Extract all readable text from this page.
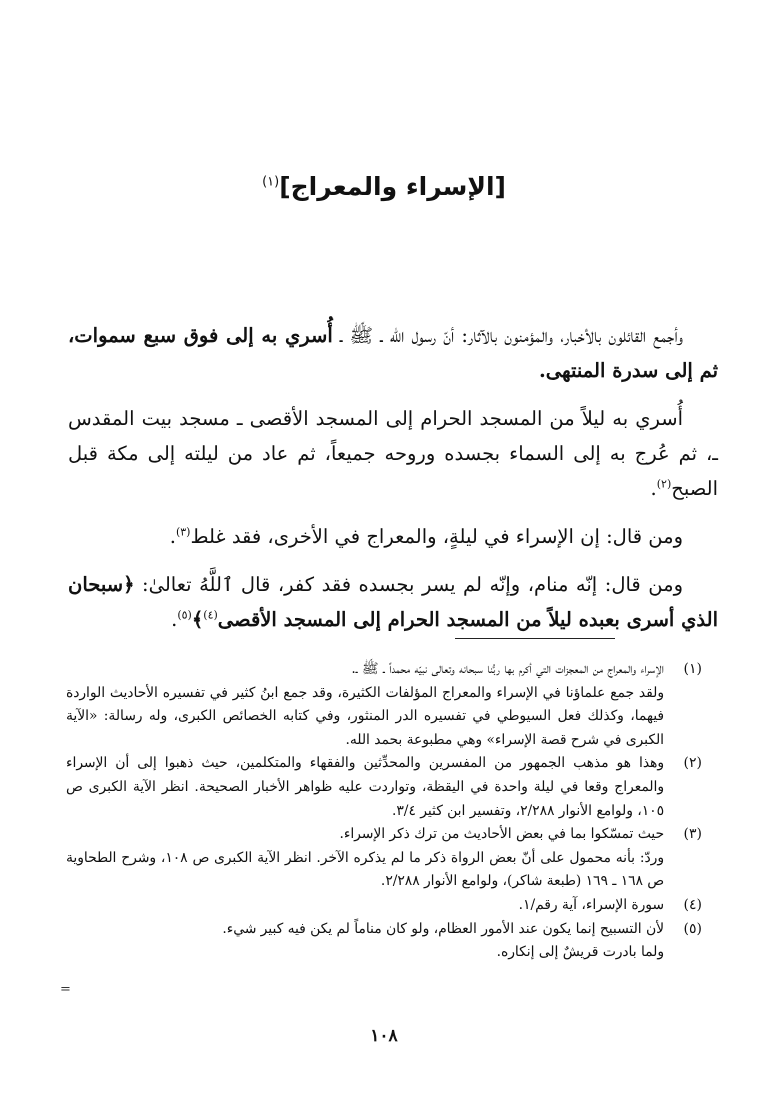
[الإسراء والمعراج]$^{(١)}$

وأجمع القائلون بالأخبار، والمؤمنون بالآثار: أنّ رسول الله ـ ﷺ ـ أُسري به إلى فوق سبع سموات، ثم إلى سدرة المنتهى.

أُسري به ليلاً من المسجد الحرام إلى المسجد الأقصى ـ مسجد بيت المقدس ـ، ثم عُرج به إلى السماء بجسده وروحه جميعاً، ثم عاد من ليلته إلى مكة قبل الصبح$^{(٢)}$.

ومن قال: إن الإسراء في ليلةٍ، والمعراج في الأخرى، فقد غلط$^{(٣)}$.

ومن قال: إنّه منام، وإنّه لم يسر بجسده فقد كفر، قال ٱللَّهُ تعالىٰ: ﴿سبحان الذي أسرى بعبده ليلاً من المسجد الحرام إلى المسجد الأقصى$^{(٤)}$﴾$^{(٥)}$.

(١)
الإسراء والمعراج من المعجزات التي أكرم بها ربُّنا سبحانه وتعالى نبيّه محمداً ـ ﷺ ـ.
ولقد جمع علماؤنا في الإسراء والمعراج المؤلفات الكثيرة، وقد جمع ابنُ كثير في تفسيره الأحاديث الواردة فيهما، وكذلك فعل السيوطي في تفسيره الدر المنثور، وفي كتابه الخصائص الكبرى، وله رسالة: «الآية الكبرى في شرح قصة الإسراء» وهي مطبوعة بحمد الله.
(٢)
وهذا هو مذهب الجمهور من المفسرين والمحدِّثين والفقهاء والمتكلمين، حيث ذهبوا إلى أن الإسراء والمعراج وقعا في ليلة واحدة في اليقظة، وتواردت عليه ظواهر الأخبار الصحيحة. انظر الآية الكبرى ص ١٠٥، ولوامع الأنوار ٢/٢٨٨، وتفسير ابن كثير ٣/٤.
(٣)
حيث تمسّكوا بما في بعض الأحاديث من ترك ذكر الإسراء.
وردّ: بأنه محمول على أنّ بعض الرواة ذكر ما لم يذكره الآخر. انظر الآية الكبرى ص ١٠٨، وشرح الطحاوية ص ١٦٨ ـ ١٦٩ (طبعة شاكر)، ولوامع الأنوار ٢/٢٨٨.
(٤)
سورة الإسراء، آية رقم/١.
(٥)
لأن التسبيح إنما يكون عند الأمور العظام، ولو كان مناماً لم يكن فيه كبير شيء.
ولما بادرت قريشٌ إلى إنكاره.
=
١٠٨
